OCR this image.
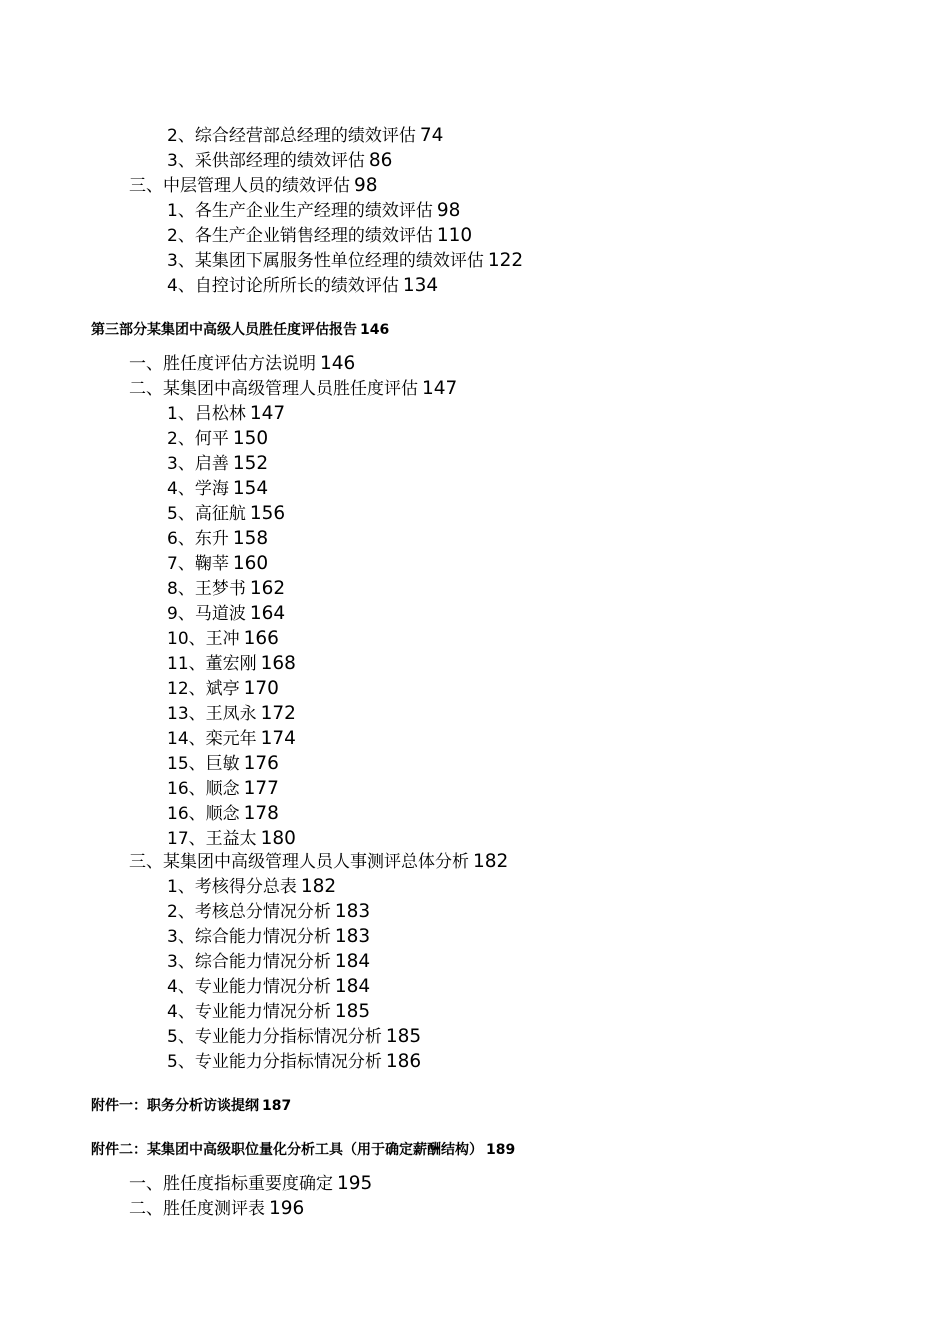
2、综合经营部总经理的绩效评估 74
3、采供部经理的绩效评估 86
三、中层管理人员的绩效评估 98
1、各生产企业生产经理的绩效评估 98
2、各生产企业销售经理的绩效评估 110
3、某集团下属服务性单位经理的绩效评估 122
4、自控讨论所所长的绩效评估 134
第三部分某集团中高级人员胜任度评估报告 146
一、胜任度评估方法说明 146
二、某集团中高级管理人员胜任度评估 147
1、吕松林 147
2、何平 150
3、启善 152
4、学海 154
5、高征航 156
6、东升 158
7、鞠莘 160
8、王梦书 162
9、马道波 164
10、王冲 166
11、董宏刚 168
12、斌亭 170
13、王凤永 172
14、栾元年 174
15、巨敏 176
16、顺念 177
16、顺念 178
17、王益太 180
三、某集团中高级管理人员人事测评总体分析 182
1、考核得分总表 182
2、考核总分情况分析 183
3、综合能力情况分析 183
3、综合能力情况分析 184
4、专业能力情况分析 184
4、专业能力情况分析 185
5、专业能力分指标情况分析 185
5、专业能力分指标情况分析 186
附件一：职务分析访谈提纲 187
附件二：某集团中高级职位量化分析工具（用于确定薪酬结构） 189
一、胜任度指标重要度确定 195
二、胜任度测评表 196
